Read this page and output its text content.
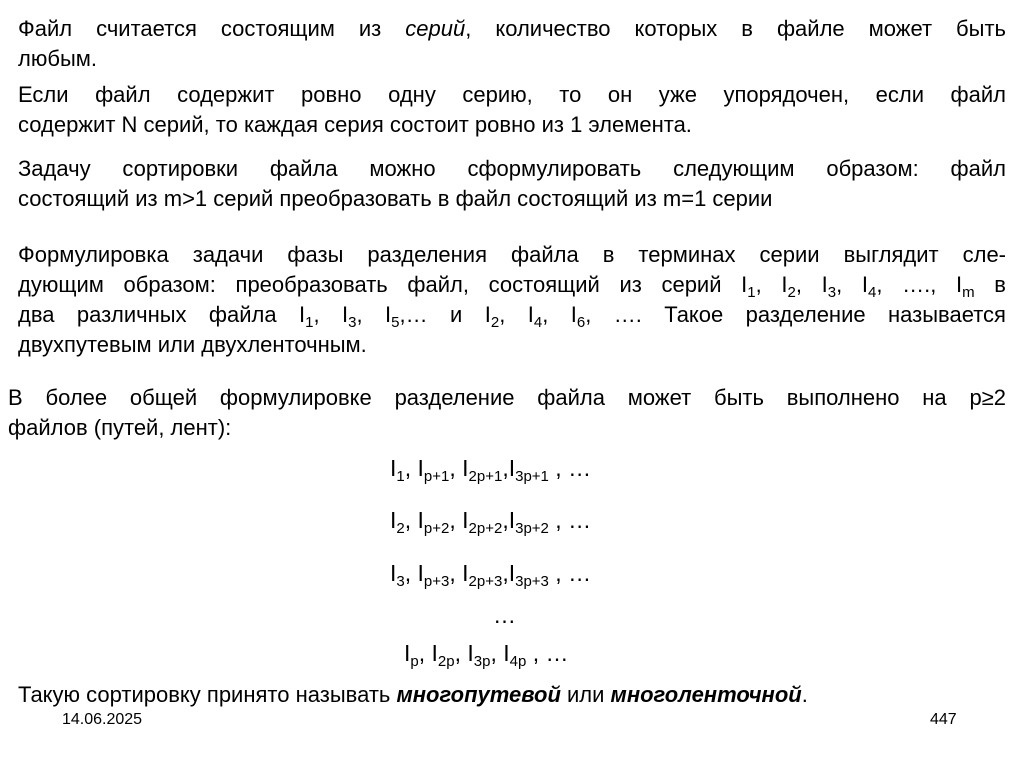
Файл считается состоящим из серий, количество которых в файле может быть
любым.
Если файл содержит ровно одну серию, то он уже упорядочен, если файл
содержит N серий, то каждая серия состоит ровно из 1 элемента.
Задачу сортировки файла можно сформулировать следующим образом: файл
состоящий из m>1 серий преобразовать в файл состоящий из m=1 серии
Формулировка задачи фазы разделения файла в терминах серии выглядит сле-
дующим образом: преобразовать файл, состоящий из серий $I_1$, $I_2$, $I_3$, $I_4$, …., $I_m$ в
два различных файла $I_1$, $I_3$, $I_5,\dots$ и $I_2$, $I_4$, $I_6$, …. Такое разделение называется
двухпутевым или двухленточным.
В более общей формулировке разделение файла может быть выполнено на p≥2
файлов (путей, лент):
$I_1$, $I_{p+1}$, $I_{2p+1},I_{3p+1}$ , …
$I_2$, $I_{p+2}$, $I_{2p+2},I_{3p+2}$ , …
$I_3$, $I_{p+3}$, $I_{2p+3},I_{3p+3}$ , …
…
$I_p$, $I_{2p}$, $I_{3p}$, $I_{4p}$ , …
Такую сортировку принято называть многопутевой или многоленточной.
14.06.2025	447
